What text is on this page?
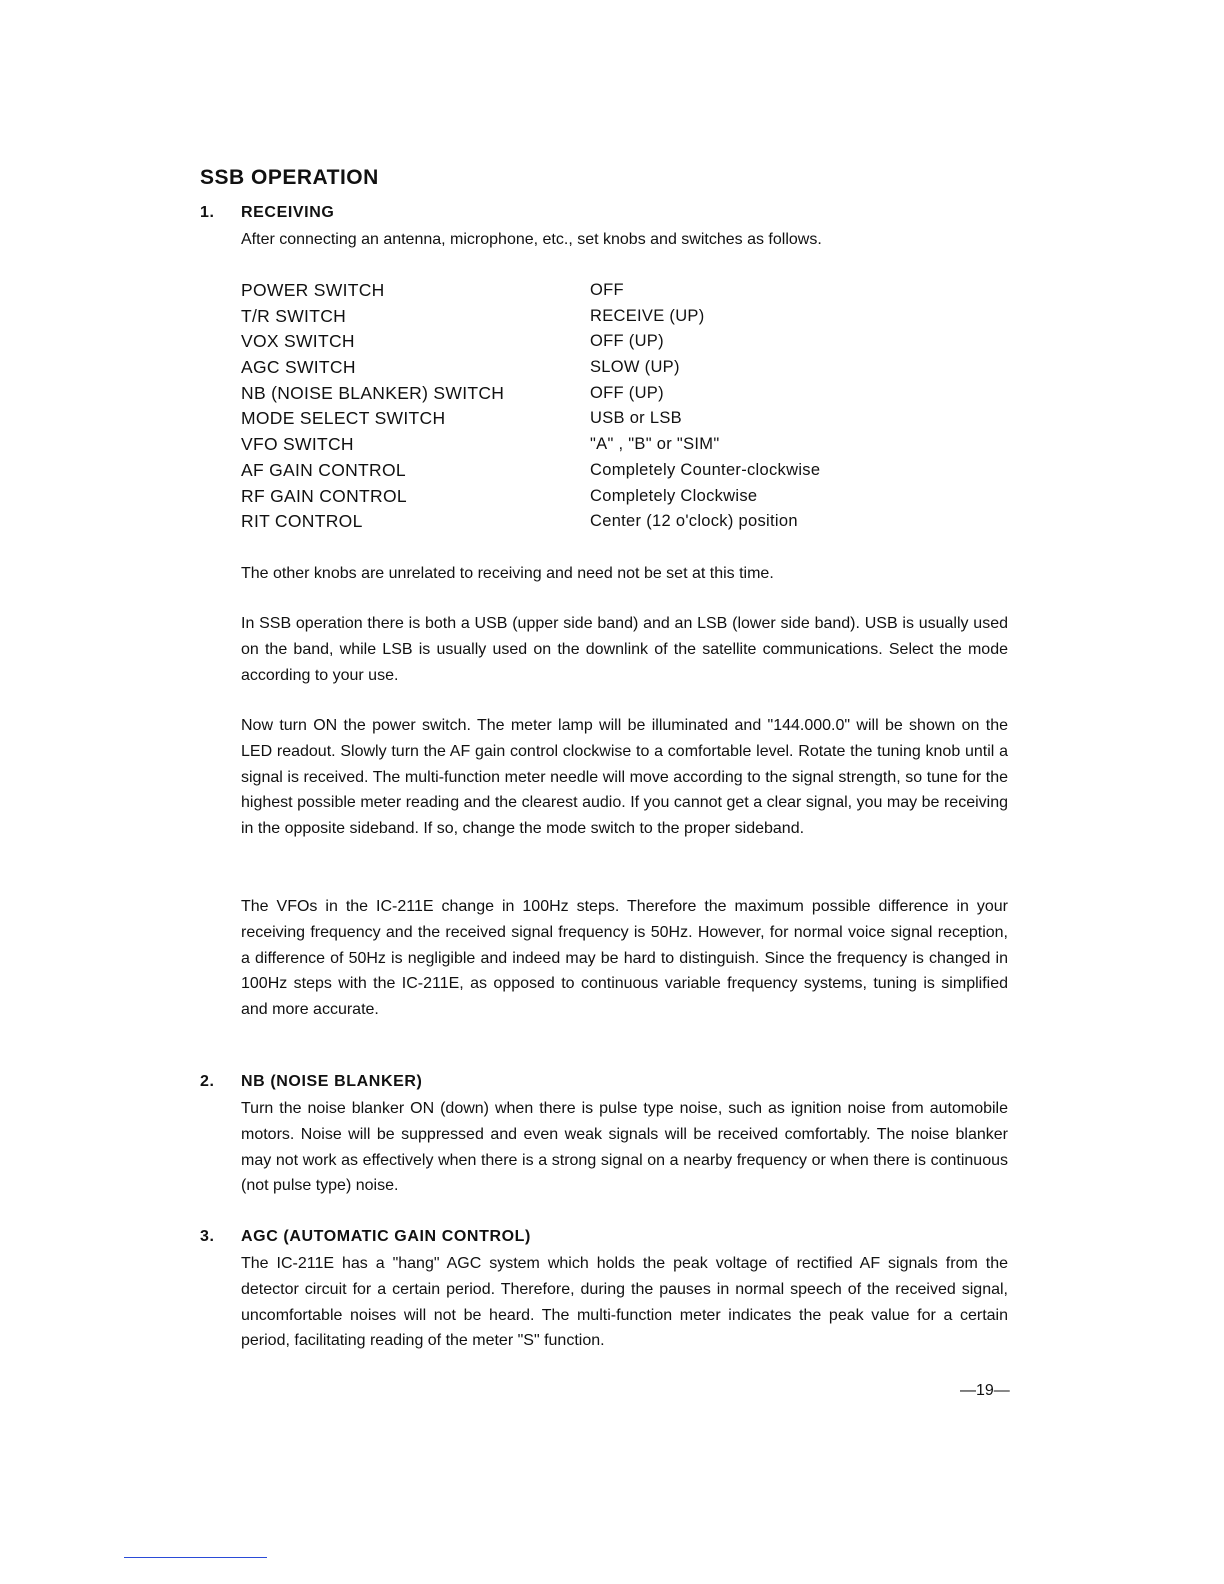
SSB OPERATION
1. RECEIVING
After connecting an antenna, microphone, etc., set knobs and switches as follows.
POWER SWITCH	OFF
T/R SWITCH	RECEIVE (UP)
VOX SWITCH	OFF (UP)
AGC SWITCH	SLOW (UP)
NB (NOISE BLANKER) SWITCH	OFF (UP)
MODE SELECT SWITCH	USB or LSB
VFO SWITCH	"A" , "B" or "SIM"
AF GAIN CONTROL	Completely Counter-clockwise
RF GAIN CONTROL	Completely Clockwise
RIT CONTROL	Center (12 o'clock) position
The other knobs are unrelated to receiving and need not be set at this time.
In SSB operation there is both a USB (upper side band) and an LSB (lower side band). USB is usually used on the band, while LSB is usually used on the downlink of the satellite communications. Select the mode according to your use.
Now turn ON the power switch. The meter lamp will be illuminated and "144.000.0" will be shown on the LED readout. Slowly turn the AF gain control clockwise to a comfortable level. Rotate the tuning knob until a signal is received. The multi-function meter needle will move according to the signal strength, so tune for the highest possible meter reading and the clearest audio. If you cannot get a clear signal, you may be receiving in the opposite sideband. If so, change the mode switch to the proper sideband.
The VFOs in the IC-211E change in 100Hz steps. Therefore the maximum possible difference in your receiving frequency and the received signal frequency is 50Hz. However, for normal voice signal reception, a difference of 50Hz is negligible and indeed may be hard to distinguish. Since the frequency is changed in 100Hz steps with the IC-211E, as opposed to continuous variable frequency systems, tuning is simplified and more accurate.
2. NB (NOISE BLANKER)
Turn the noise blanker ON (down) when there is pulse type noise, such as ignition noise from automobile motors. Noise will be suppressed and even weak signals will be received comfortably. The noise blanker may not work as effectively when there is a strong signal on a nearby frequency or when there is continuous (not pulse type) noise.
3. AGC (AUTOMATIC GAIN CONTROL)
The IC-211E has a "hang" AGC system which holds the peak voltage of rectified AF signals from the detector circuit for a certain period. Therefore, during the pauses in normal speech of the received signal, uncomfortable noises will not be heard. The multi-function meter indicates the peak value for a certain period, facilitating reading of the meter "S" function.
—19—
